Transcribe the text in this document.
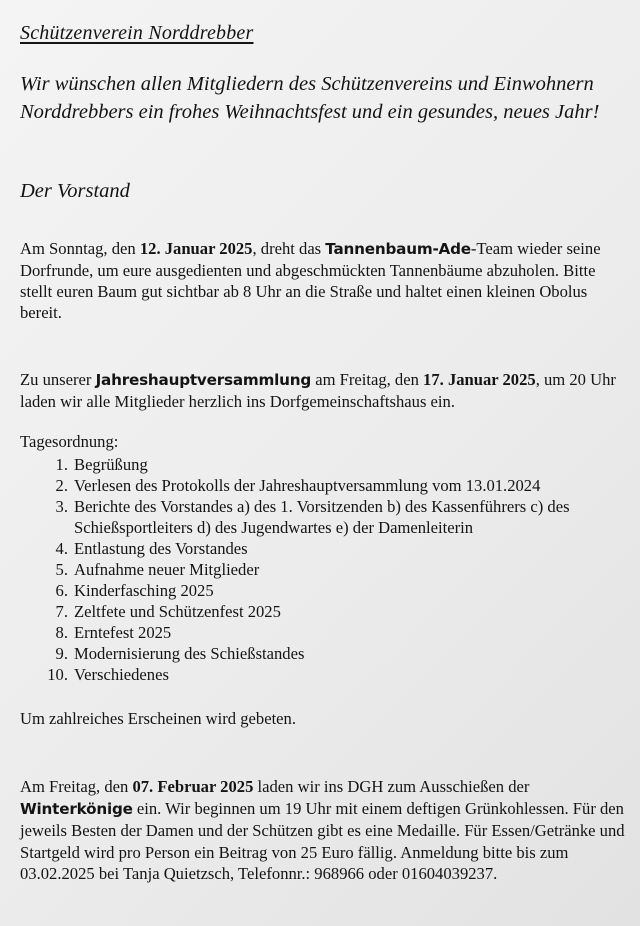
Schützenverein Norddrebber

Wir wünschen allen Mitgliedern des Schützenvereins und Einwohnern Norddrebbers ein frohes Weihnachtsfest und ein gesundes, neues Jahr!

Der Vorstand

Am Sonntag, den 12. Januar 2025, dreht das Tannenbaum-Ade-Team wieder seine Dorfrunde, um eure ausgedienten und abgeschmückten Tannenbäume abzuholen. Bitte stellt euren Baum gut sichtbar ab 8 Uhr an die Straße und haltet einen kleinen Obolus bereit.

Zu unserer Jahreshauptversammlung am Freitag, den 17. Januar 2025, um 20 Uhr laden wir alle Mitglieder herzlich ins Dorfgemeinschaftshaus ein.

Tagesordnung:
1. Begrüßung
2. Verlesen des Protokolls der Jahreshauptversammlung vom 13.01.2024
3. Berichte des Vorstandes a) des 1. Vorsitzenden b) des Kassenführers c) des Schießsportleiters d) des Jugendwartes e) der Damenleiterin
4. Entlastung des Vorstandes
5. Aufnahme neuer Mitglieder
6. Kinderfasching 2025
7. Zeltfete und Schützenfest 2025
8. Erntefest 2025
9. Modernisierung des Schießstandes
10. Verschiedenes

Um zahlreiches Erscheinen wird gebeten.

Am Freitag, den 07. Februar 2025 laden wir ins DGH zum Ausschießen der Winterkönige ein. Wir beginnen um 19 Uhr mit einem deftigen Grünkohlessen. Für den jeweils Besten der Damen und der Schützen gibt es eine Medaille. Für Essen/Getränke und Startgeld wird pro Person ein Beitrag von 25 Euro fällig. Anmeldung bitte bis zum 03.02.2025 bei Tanja Quietzsch, Telefonnr.: 968966 oder 01604039237.
